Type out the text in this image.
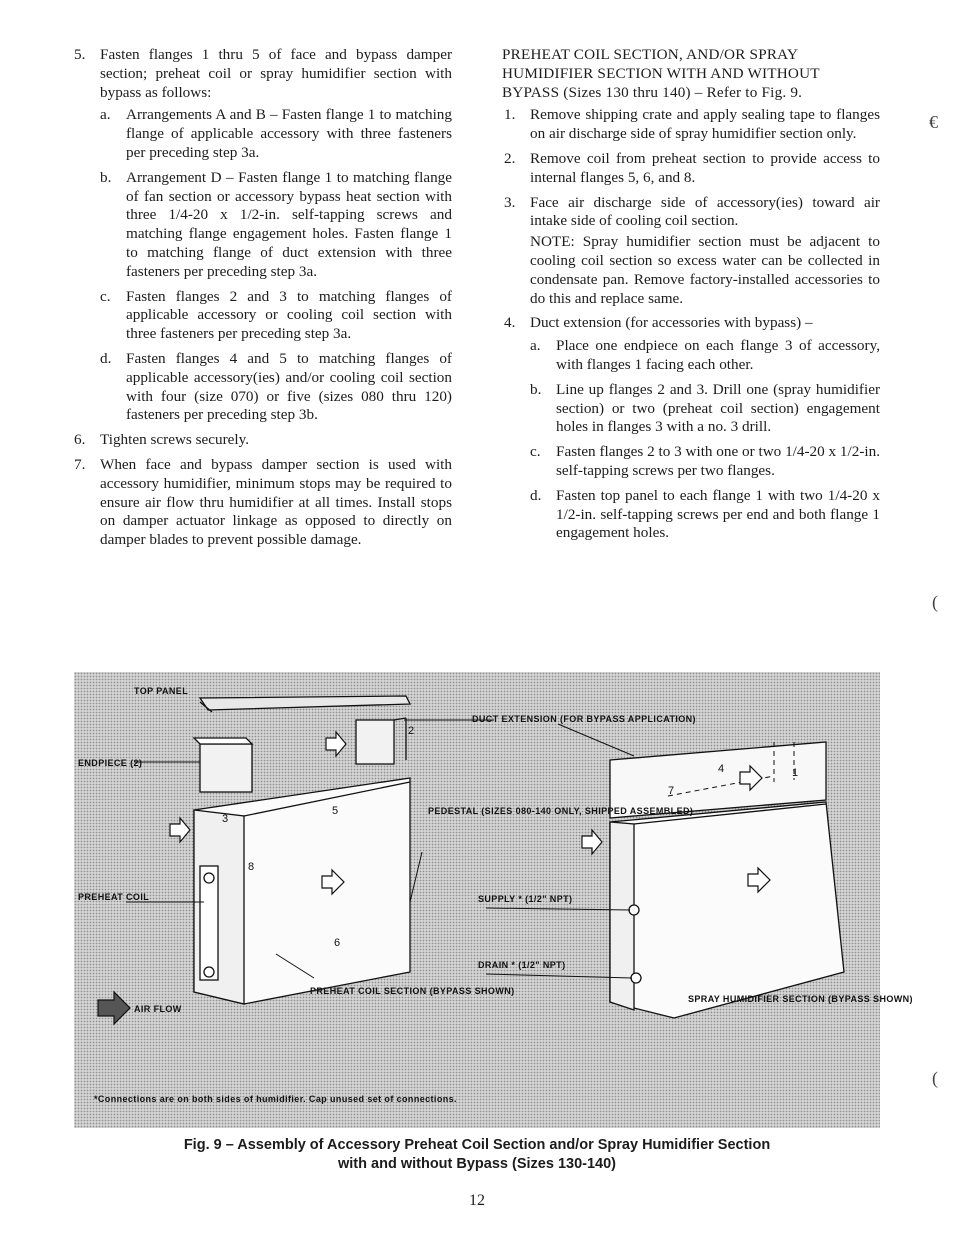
5. Fasten flanges 1 thru 5 of face and bypass damper section; preheat coil or spray humidifier section with bypass as follows:
a. Arrangements A and B – Fasten flange 1 to matching flange of applicable accessory with three fasteners per preceding step 3a.
b. Arrangement D – Fasten flange 1 to matching flange of fan section or accessory bypass heat section with three 1/4-20 x 1/2-in. self-tapping screws and matching flange engagement holes. Fasten flange 1 to matching flange of duct extension with three fasteners per preceding step 3a.
c. Fasten flanges 2 and 3 to matching flanges of applicable accessory or cooling coil section with three fasteners per preceding step 3a.
d. Fasten flanges 4 and 5 to matching flanges of applicable accessory(ies) and/or cooling coil section with four (size 070) or five (sizes 080 thru 120) fasteners per preceding step 3b.
6. Tighten screws securely.
7. When face and bypass damper section is used with accessory humidifier, minimum stops may be required to ensure air flow thru humidifier at all times. Install stops on damper actuator linkage as opposed to directly on damper blades to prevent possible damage.
PREHEAT COIL SECTION, AND/OR SPRAY HUMIDIFIER SECTION WITH AND WITHOUT BYPASS (Sizes 130 thru 140) – Refer to Fig. 9.
1. Remove shipping crate and apply sealing tape to flanges on air discharge side of spray humidifier section only.
2. Remove coil from preheat section to provide access to internal flanges 5, 6, and 8.
3. Face air discharge side of accessory(ies) toward air intake side of cooling coil section.
NOTE: Spray humidifier section must be adjacent to cooling coil section so excess water can be collected in condensate pan. Remove factory-installed accessories to do this and replace same.
4. Duct extension (for accessories with bypass) –
a. Place one endpiece on each flange 3 of accessory, with flanges 1 facing each other.
b. Line up flanges 2 and 3. Drill one (spray humidifier section) or two (preheat coil section) engagement holes in flanges 3 with a no. 3 drill.
c. Fasten flanges 2 to 3 with one or two 1/4-20 x 1/2-in. self-tapping screws per two flanges.
d. Fasten top panel to each flange 1 with two 1/4-20 x 1/2-in. self-tapping screws per end and both flange 1 engagement holes.
3
5
8
6
4
7
1
2
TOP PANEL
ENDPIECE (2)
DUCT EXTENSION (FOR BYPASS APPLICATION)
PEDESTAL (SIZES 080-140 ONLY, SHIPPED ASSEMBLED)
PREHEAT COIL
PREHEAT COIL SECTION (BYPASS SHOWN)
SUPPLY * (1/2" NPT)
DRAIN * (1/2" NPT)
AIR FLOW
SPRAY HUMIDIFIER SECTION (BYPASS SHOWN)
*Connections are on both sides of humidifier. Cap unused set of connections.
Fig. 9 – Assembly of Accessory Preheat Coil Section and/or Spray Humidifier Section
with and without Bypass (Sizes 130-140)
12
€
(
(
